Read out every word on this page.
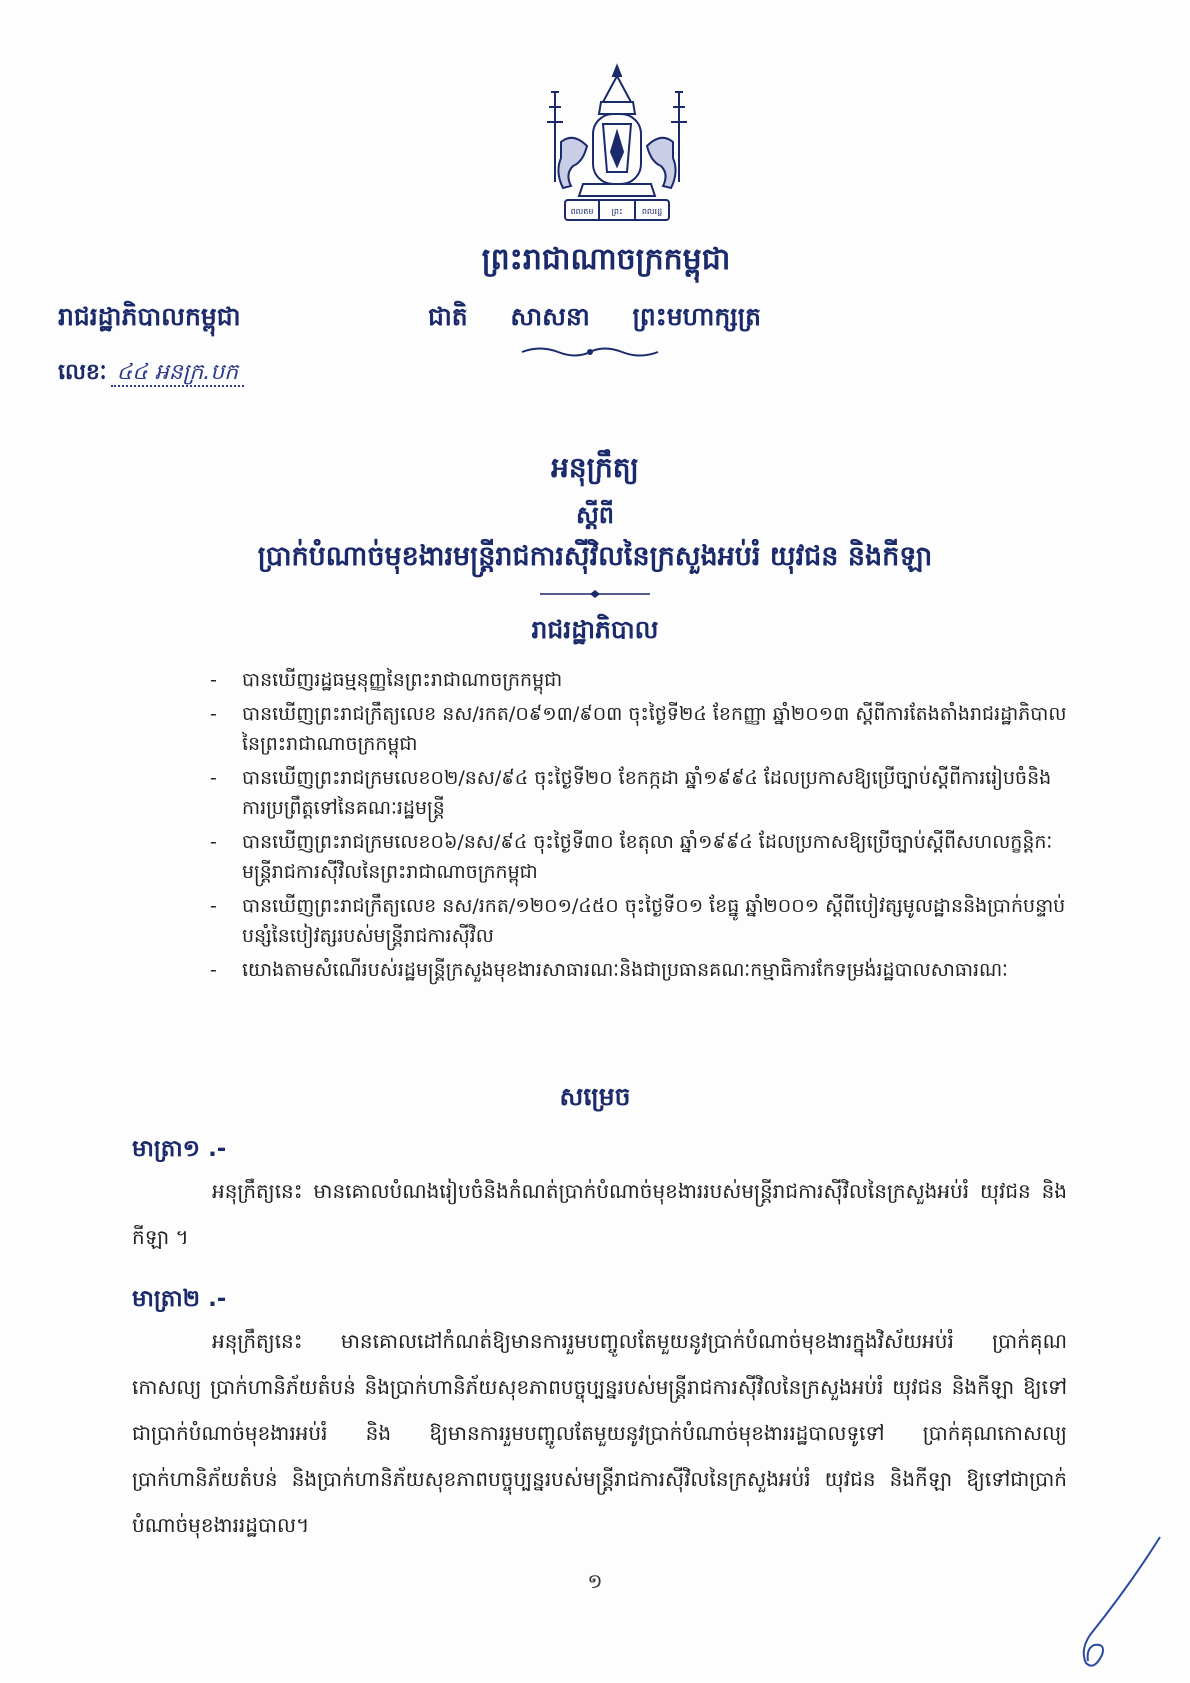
ពលតម ព្រះ ពលរដ្ឋ
ព្រះរាជាណាចក្រកម្ពុជា
ជាតិ សាសនា ព្រះមហាក្សត្រ
រាជរដ្ឋាភិបាលកម្ពុជា
លេខៈ ៤៤ អនក្រ.បក
អនុក្រឹត្យ
ស្តីពី
ប្រាក់បំណាច់មុខងារមន្ត្រីរាជការស៊ីវិលនៃក្រសួងអប់រំ យុវជន និងកីឡា
រាជរដ្ឋាភិបាល
- បានឃើញរដ្ឋធម្មនុញ្ញនៃព្រះរាជាណាចក្រកម្ពុជា
- បានឃើញព្រះរាជក្រឹត្យលេខ នស/រកត/០៩១៣/៩០៣ ចុះថ្ងៃទី២៤ ខែកញ្ញា ឆ្នាំ២០១៣ ស្តីពីការតែងតាំងរាជរដ្ឋាភិបាលនៃព្រះរាជាណាចក្រកម្ពុជា
- បានឃើញព្រះរាជក្រមលេខ០២/នស/៩៤ ចុះថ្ងៃទី២០ ខែកក្កដា ឆ្នាំ១៩៩៤ ដែលប្រកាសឱ្យប្រើច្បាប់ស្តីពីការរៀបចំនិងការប្រព្រឹត្តទៅនៃគណៈរដ្ឋមន្ត្រី
- បានឃើញព្រះរាជក្រមលេខ០៦/នស/៩៤ ចុះថ្ងៃទី៣០ ខែតុលា ឆ្នាំ១៩៩៤ ដែលប្រកាសឱ្យប្រើច្បាប់ស្តីពីសហលក្ខន្តិកៈមន្ត្រីរាជការស៊ីវិលនៃព្រះរាជាណាចក្រកម្ពុជា
- បានឃើញព្រះរាជក្រឹត្យលេខ នស/រកត/១២០១/៤៥០ ចុះថ្ងៃទី០១ ខែធ្នូ ឆ្នាំ២០០១ ស្តីពីបៀវត្សមូលដ្ឋាននិងប្រាក់បន្ទាប់បន្សំនៃបៀវត្សរបស់មន្ត្រីរាជការស៊ីវិល
- យោងតាមសំណើរបស់រដ្ឋមន្ត្រីក្រសួងមុខងារសាធារណៈនិងជាប្រធានគណៈកម្មាធិការកែទម្រង់រដ្ឋបាលសាធារណៈ
សម្រេច
មាត្រា១ .-
អនុក្រឹត្យនេះ មានគោលបំណងរៀបចំនិងកំណត់ប្រាក់បំណាច់មុខងាររបស់មន្ត្រីរាជការស៊ីវិលនៃក្រសួងអប់រំ យុវជន និងកីឡា ។
មាត្រា២ .-
អនុក្រឹត្យនេះ មានគោលដៅកំណត់ឱ្យមានការរួមបញ្ចូលតែមួយនូវប្រាក់បំណាច់មុខងារក្នុងវិស័យអប់រំ ប្រាក់គុណកោសល្យ ប្រាក់ហានិភ័យតំបន់ និងប្រាក់ហានិភ័យសុខភាពបច្ចុប្បន្នរបស់មន្ត្រីរាជការស៊ីវិលនៃក្រសួងអប់រំ យុវជន និងកីឡា ឱ្យទៅជាប្រាក់បំណាច់មុខងារអប់រំ និង ឱ្យមានការរួមបញ្ចូលតែមួយនូវប្រាក់បំណាច់មុខងាររដ្ឋបាលទូទៅ ប្រាក់គុណកោសល្យ ប្រាក់ហានិភ័យតំបន់ និងប្រាក់ហានិភ័យសុខភាពបច្ចុប្បន្នរបស់មន្ត្រីរាជការស៊ីវិលនៃក្រសួងអប់រំ យុវជន និងកីឡា ឱ្យទៅជាប្រាក់បំណាច់មុខងាររដ្ឋបាល។
១
